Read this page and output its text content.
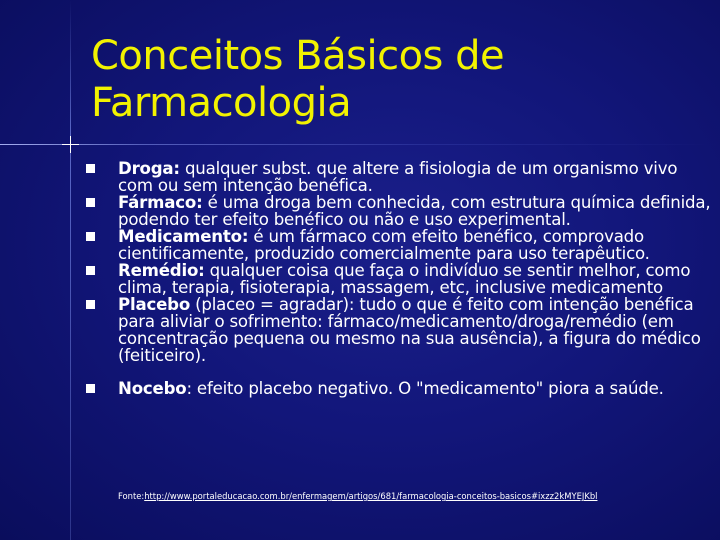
Conceitos Básicos de Farmacologia
Droga: qualquer subst. que altere a fisiologia de um organismo vivo com ou sem intenção benéfica.
Fármaco: é uma droga bem conhecida, com estrutura química definida, podendo ter efeito benéfico ou não e uso experimental.
Medicamento: é um fármaco com efeito benéfico, comprovado cientificamente, produzido comercialmente para uso terapêutico.
Remédio: qualquer coisa que faça o indivíduo se sentir melhor, como clima, terapia, fisioterapia, massagem, etc, inclusive medicamento
Placebo (placeo = agradar): tudo o que é feito com intenção benéfica para aliviar o sofrimento: fármaco/medicamento/droga/remédio (em concentração pequena ou mesmo na sua ausência), a figura do médico (feiticeiro).
Nocebo: efeito placebo negativo. O "medicamento" piora a saúde.
Fonte:http://www.portaleducacao.com.br/enfermagem/artigos/681/farmacologia-conceitos-basicos#ixzz2kMYEJKbl
